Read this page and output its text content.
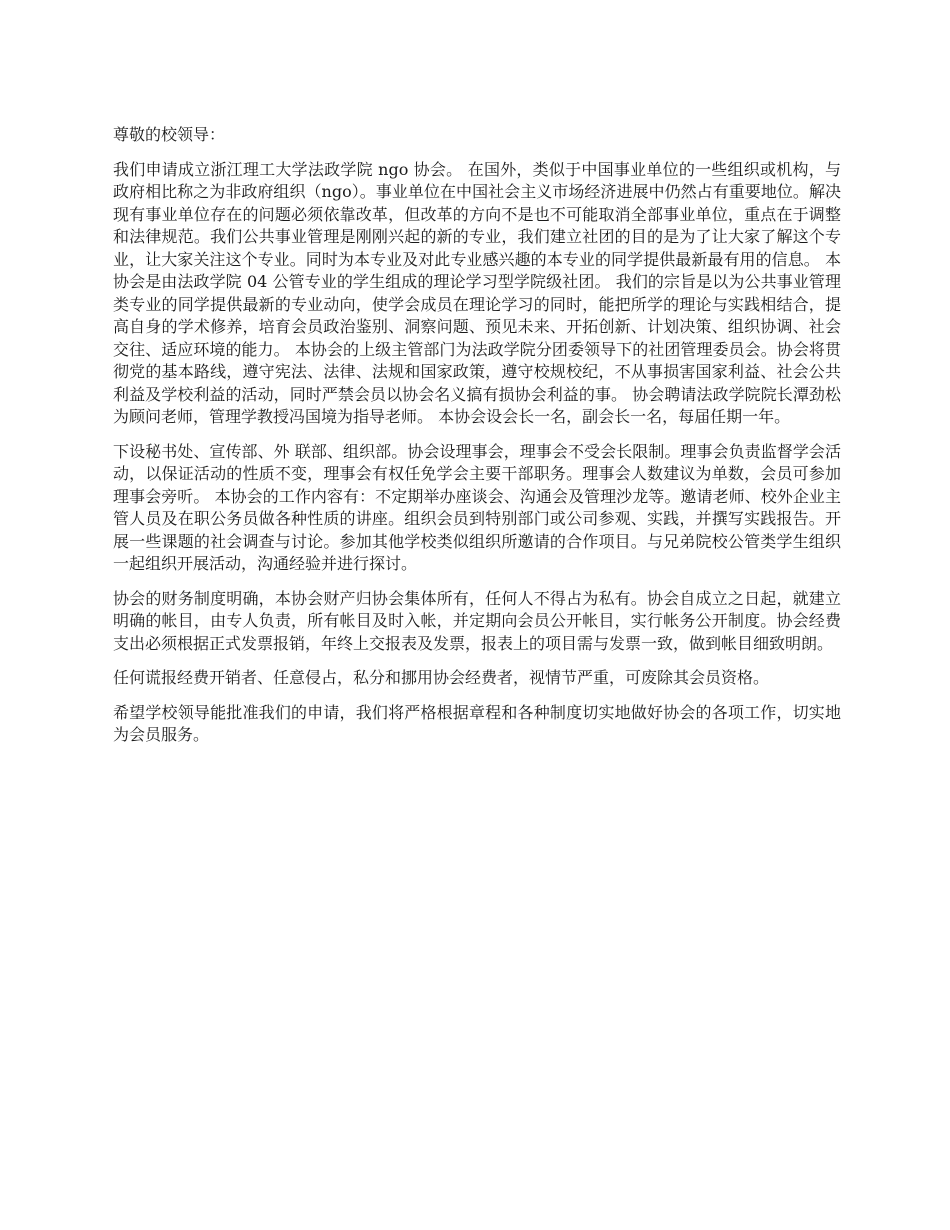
尊敬的校领导：

我们申请成立浙江理工大学法政学院 ngo 协会。 在国外，类似于中国事业单位的一些组织或机构，与政府相比称之为非政府组织（ngo）。事业单位在中国社会主义市场经济进展中仍然占有重要地位。解决现有事业单位存在的问题必须依靠改革，但改革的方向不是也不可能取消全部事业单位，重点在于调整和法律规范。我们公共事业管理是刚刚兴起的新的专业，我们建立社团的目的是为了让大家了解这个专业，让大家关注这个专业。同时为本专业及对此专业感兴趣的本专业的同学提供最新最有用的信息。 本协会是由法政学院 04 公管专业的学生组成的理论学习型学院级社团。 我们的宗旨是以为公共事业管理类专业的同学提供最新的专业动向，使学会成员在理论学习的同时，能把所学的理论与实践相结合，提高自身的学术修养，培育会员政治鉴别、洞察问题、预见未来、开拓创新、计划决策、组织协调、社会交往、适应环境的能力。 本协会的上级主管部门为法政学院分团委领导下的社团管理委员会。协会将贯彻党的基本路线，遵守宪法、法律、法规和国家政策，遵守校规校纪，不从事损害国家利益、社会公共利益及学校利益的活动，同时严禁会员以协会名义搞有损协会利益的事。 协会聘请法政学院院长潭劲松为顾问老师，管理学教授冯国境为指导老师。 本协会设会长一名，副会长一名，每届任期一年。

下设秘书处、宣传部、外 联部、组织部。协会设理事会，理事会不受会长限制。理事会负责监督学会活动，以保证活动的性质不变，理事会有权任免学会主要干部职务。理事会人数建议为单数，会员可参加理事会旁听。 本协会的工作内容有：不定期举办座谈会、沟通会及管理沙龙等。邀请老师、校外企业主管人员及在职公务员做各种性质的讲座。组织会员到特别部门或公司参观、实践，并撰写实践报告。开展一些课题的社会调查与讨论。参加其他学校类似组织所邀请的合作项目。与兄弟院校公管类学生组织一起组织开展活动，沟通经验并进行探讨。

协会的财务制度明确，本协会财产归协会集体所有，任何人不得占为私有。协会自成立之日起，就建立明确的帐目，由专人负责，所有帐目及时入帐，并定期向会员公开帐目，实行帐务公开制度。协会经费支出必须根据正式发票报销，年终上交报表及发票，报表上的项目需与发票一致，做到帐目细致明朗。

任何谎报经费开销者、任意侵占，私分和挪用协会经费者，视情节严重，可废除其会员资格。

希望学校领导能批准我们的申请，我们将严格根据章程和各种制度切实地做好协会的各项工作，切实地为会员服务。
